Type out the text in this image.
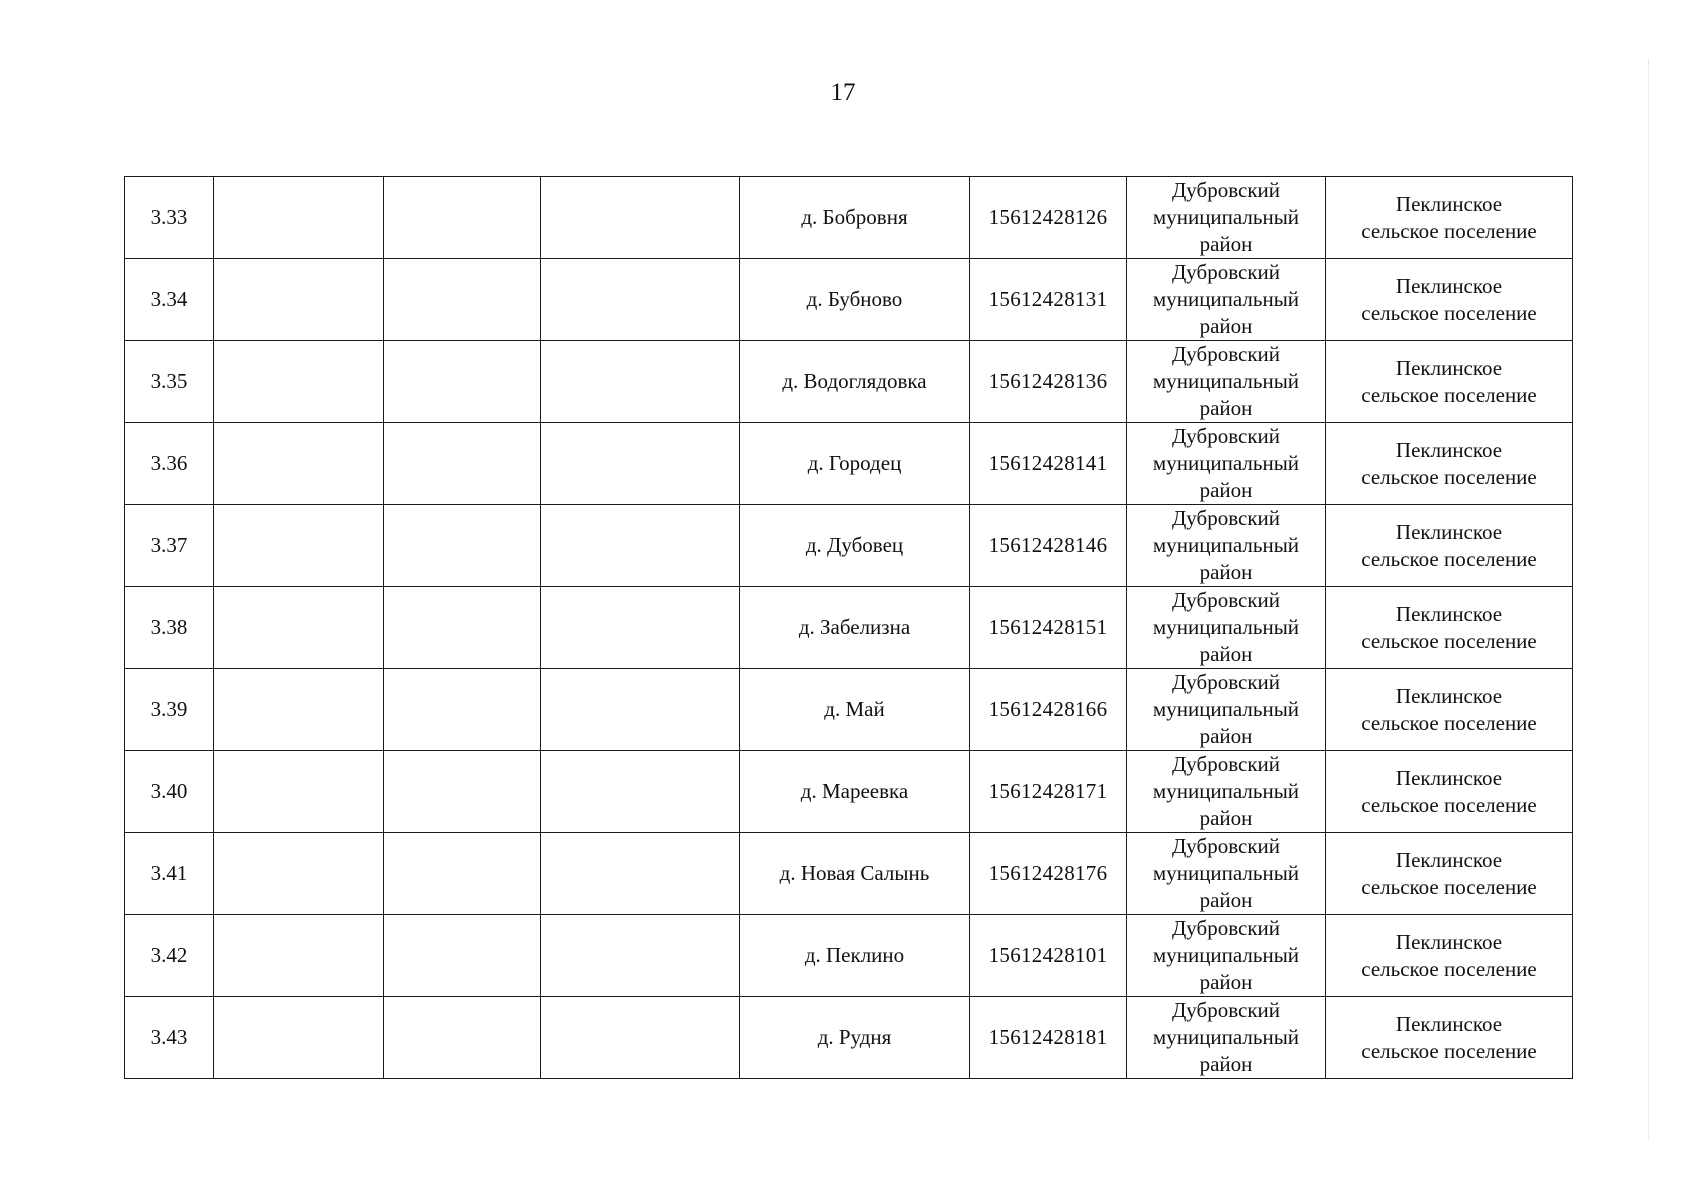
17
3.33				д. Бобровня	15612428126	Дубровский
муниципальный
район	Пеклинское
сельское поселение

3.34				д. Бубново	15612428131	Дубровский
муниципальный
район	Пеклинское
сельское поселение

3.35				д. Водоглядовка	15612428136	Дубровский
муниципальный
район	Пеклинское
сельское поселение

3.36				д. Городец	15612428141	Дубровский
муниципальный
район	Пеклинское
сельское поселение

3.37				д. Дубовец	15612428146	Дубровский
муниципальный
район	Пеклинское
сельское поселение

3.38				д. Забелизна	15612428151	Дубровский
муниципальный
район	Пеклинское
сельское поселение

3.39				д. Май	15612428166	Дубровский
муниципальный
район	Пеклинское
сельское поселение

3.40				д. Мареевка	15612428171	Дубровский
муниципальный
район	Пеклинское
сельское поселение

3.41				д. Новая Салынь	15612428176	Дубровский
муниципальный
район	Пеклинское
сельское поселение

3.42				д. Пеклино	15612428101	Дубровский
муниципальный
район	Пеклинское
сельское поселение

3.43				д. Рудня	15612428181	Дубровский
муниципальный
район	Пеклинское
сельское поселение
